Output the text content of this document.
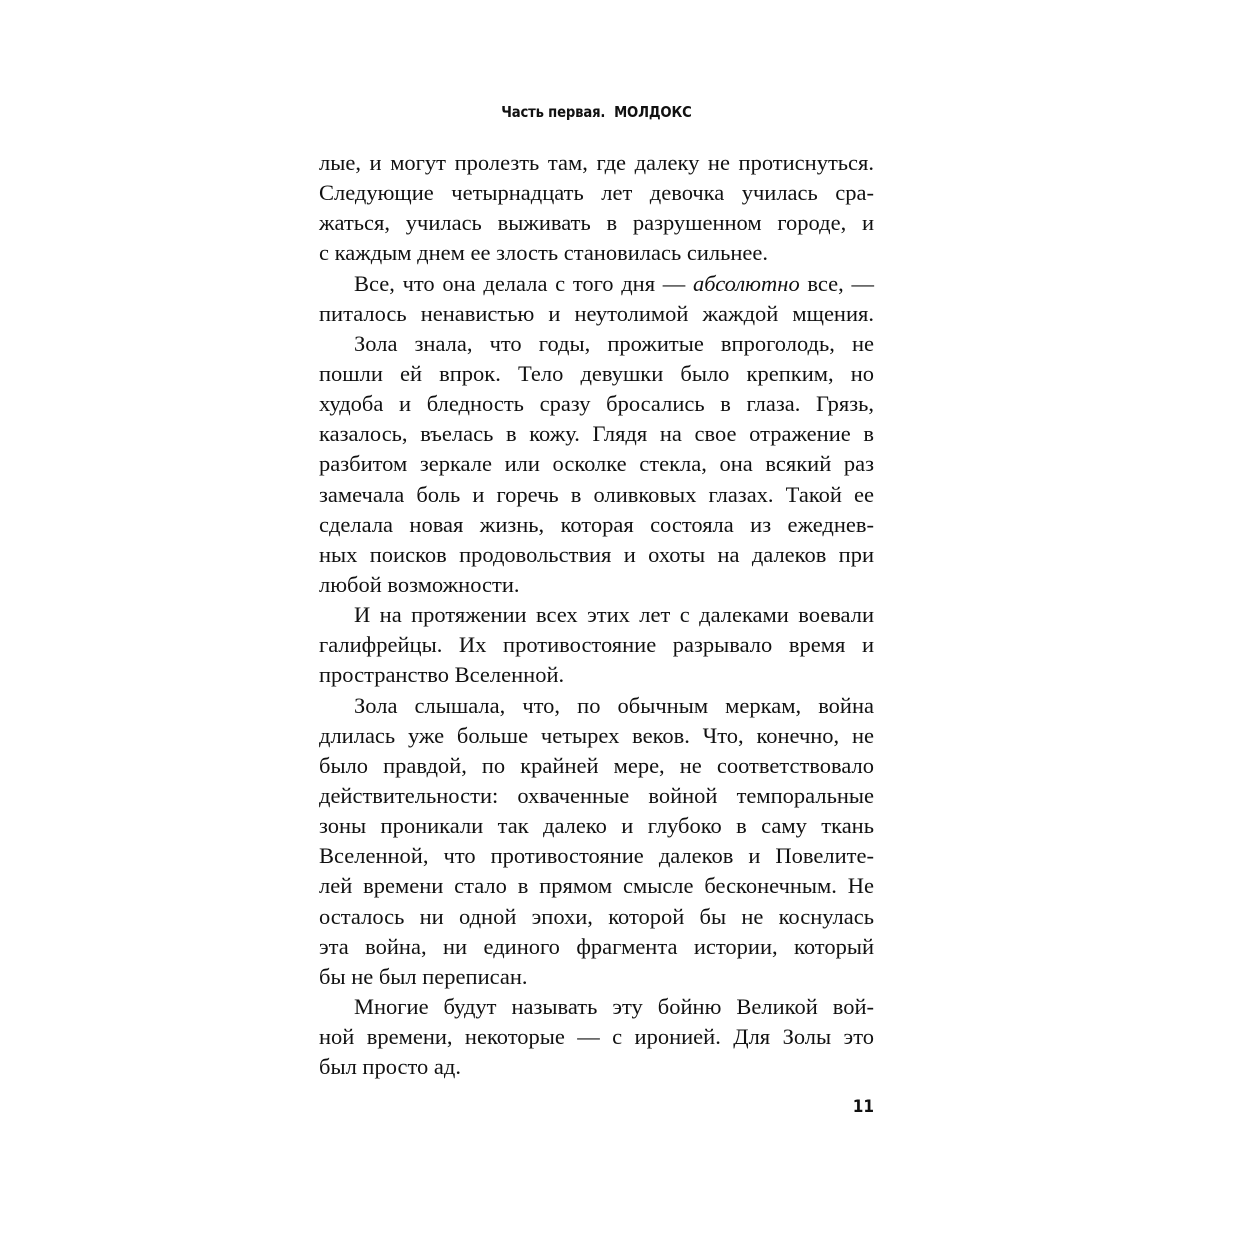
Часть первая.  МОЛДОКС
лые, и могут пролезть там, где далеку не протиснуться.
Следующие четырнадцать лет девочка училась сра-
жаться, училась выживать в разрушенном городе, и
с каждым днем ее злость становилась сильнее.
Все, что она делала с того дня — абсолютно все, —
питалось ненавистью и неутолимой жаждой мщения.
Зола знала, что годы, прожитые впроголодь, не
пошли ей впрок. Тело девушки было крепким, но
худоба и бледность сразу бросались в глаза. Грязь,
казалось, въелась в кожу. Глядя на свое отражение в
разбитом зеркале или осколке стекла, она всякий раз
замечала боль и горечь в оливковых глазах. Такой ее
сделала новая жизнь, которая состояла из ежеднев-
ных поисков продовольствия и охоты на далеков при
любой возможности.
И на протяжении всех этих лет с далеками воевали
галифрейцы. Их противостояние разрывало время и
пространство Вселенной.
Зола слышала, что, по обычным меркам, война
длилась уже больше четырех веков. Что, конечно, не
было правдой, по крайней мере, не соответствовало
действительности: охваченные войной темпоральные
зоны проникали так далеко и глубоко в саму ткань
Вселенной, что противостояние далеков и Повелите-
лей времени стало в прямом смысле бесконечным. Не
осталось ни одной эпохи, которой бы не коснулась
эта война, ни единого фрагмента истории, который
бы не был переписан.
Многие будут называть эту бойню Великой вой-
ной времени, некоторые — с иронией. Для Золы это
был просто ад.
11
